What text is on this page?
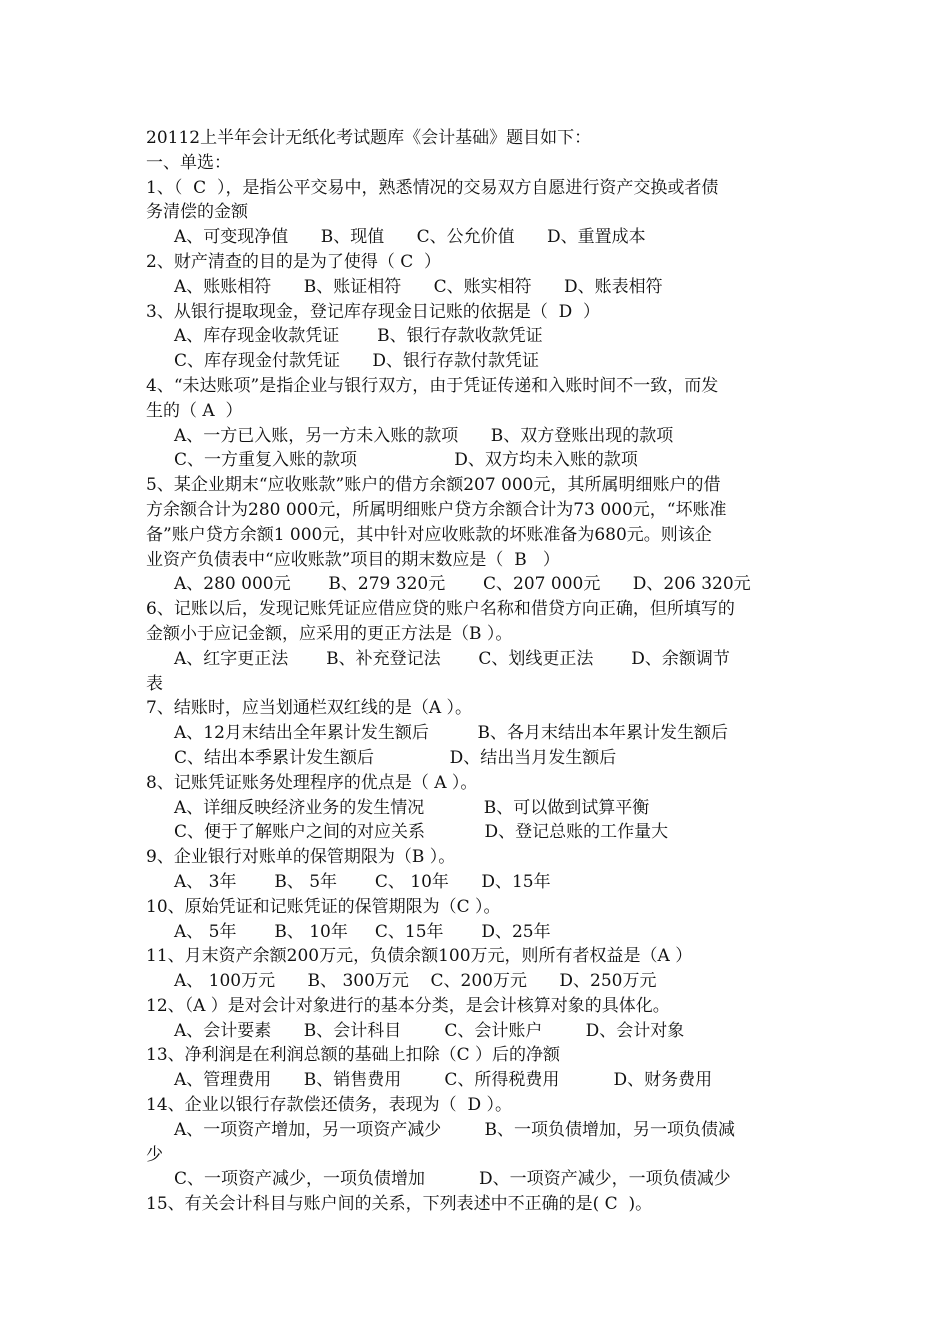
20112上半年会计无纸化考试题库《会计基础》题目如下：
一、单选：
1、（  C  ），是指公平交易中，熟悉情况的交易双方自愿进行资产交换或者债
务清偿的金额
A、可变现净值      B、现值      C、公允价值      D、重置成本
2、财产清查的目的是为了使得（ C  ）
A、账账相符      B、账证相符      C、账实相符      D、账表相符
3、从银行提取现金，登记库存现金日记账的依据是（  D  ）
A、库存现金收款凭证       B、银行存款收款凭证
C、库存现金付款凭证      D、银行存款付款凭证
4、“未达账项”是指企业与银行双方，由于凭证传递和入账时间不一致，而发
生的（ A  ）
A、一方已入账，另一方未入账的款项      B、双方登账出现的款项
C、一方重复入账的款项                  D、双方均未入账的款项
5、某企业期末“应收账款”账户的借方余额207 000元，其所属明细账户的借
方余额合计为280 000元，所属明细账户贷方余额合计为73 000元，“坏账准
备”账户贷方余额1 000元，其中针对应收账款的坏账准备为680元。则该企
业资产负债表中“应收账款”项目的期末数应是（  B   ）
A、280 000元       B、279 320元       C、207 000元      D、206 320元
6、记账以后，发现记账凭证应借应贷的账户名称和借贷方向正确，但所填写的
金额小于应记金额，应采用的更正方法是（B ）。
A、红字更正法       B、补充登记法       C、划线更正法       D、余额调节
表
7、结账时，应当划通栏双红线的是（A ）。
A、12月末结出全年累计发生额后         B、各月末结出本年累计发生额后
C、结出本季累计发生额后              D、结出当月发生额后
8、记账凭证账务处理程序的优点是（ A ）。
A、详细反映经济业务的发生情况           B、可以做到试算平衡
C、便于了解账户之间的对应关系           D、登记总账的工作量大
9、企业银行对账单的保管期限为（B ）。
A、 3年       B、 5年       C、 10年      D、15年
10、原始凭证和记账凭证的保管期限为（C ）。
A、 5年       B、 10年     C、15年       D、25年
11、月末资产余额200万元，负债余额100万元，则所有者权益是（A ）
A、 100万元      B、 300万元    C、200万元      D、250万元
12、（A ）是对会计对象进行的基本分类，是会计核算对象的具体化。
A、会计要素      B、会计科目        C、会计账户        D、会计对象
13、净利润是在利润总额的基础上扣除（C ）后的净额
A、管理费用      B、销售费用        C、所得税费用          D、财务费用
14、企业以银行存款偿还债务，表现为（  D ）。
A、一项资产增加，另一项资产减少        B、一项负债增加，另一项负债减
少
C、一项资产减少，一项负债增加          D、一项资产减少，一项负债减少
15、有关会计科目与账户间的关系，下列表述中不正确的是( C  )。
